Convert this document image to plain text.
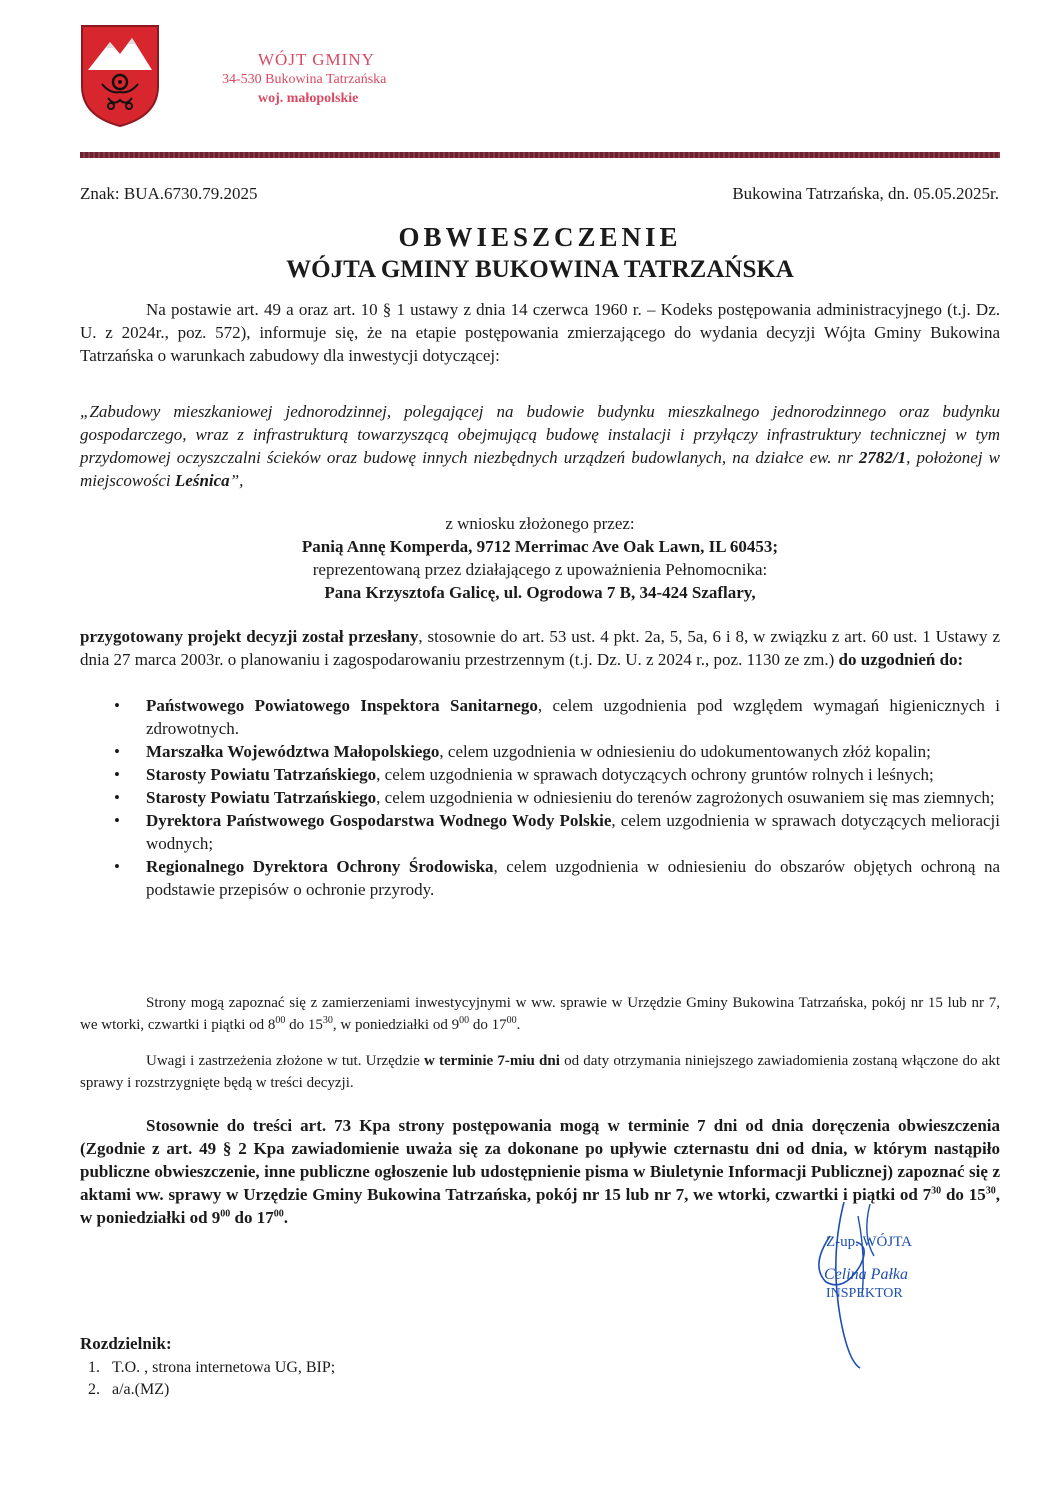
WÓJT GMINY
34-530 Bukowina Tatrzańska
woj. małopolskie
Znak: BUA.6730.79.2025	Bukowina Tatrzańska, dn. 05.05.2025r.
OBWIESZCZENIE
WÓJTA GMINY BUKOWINA TATRZAŃSKA
Na postawie art. 49 a oraz art. 10 § 1 ustawy z dnia 14 czerwca 1960 r. – Kodeks postępowania administracyjnego (t.j. Dz. U. z 2024r., poz. 572), informuje się, że na etapie postępowania zmierzającego do wydania decyzji Wójta Gminy Bukowina Tatrzańska o warunkach zabudowy dla inwestycji dotyczącej:
„Zabudowy mieszkaniowej jednorodzinnej, polegającej na budowie budynku mieszkalnego jednorodzinnego oraz budynku gospodarczego, wraz z infrastrukturą towarzyszącą obejmującą budowę instalacji i przyłączy infrastruktury technicznej w tym przydomowej oczyszczalni ścieków oraz budowę innych niezbędnych urządzeń budowlanych, na działce ew. nr 2782/1, położonej w miejscowości Leśnica”,
z wniosku złożonego przez:
Panią Annę Komperda, 9712 Merrimac Ave Oak Lawn, IL 60453;
reprezentowaną przez działającego z upoważnienia Pełnomocnika:
Pana Krzysztofa Galicę, ul. Ogrodowa 7 B, 34-424 Szaflary,
przygotowany projekt decyzji został przesłany, stosownie do art. 53 ust. 4 pkt. 2a, 5, 5a, 6 i 8, w związku z art. 60 ust. 1 Ustawy z dnia 27 marca 2003r. o planowaniu i zagospodarowaniu przestrzennym (t.j. Dz. U. z 2024 r., poz. 1130 ze zm.) do uzgodnień do:
• Państwowego Powiatowego Inspektora Sanitarnego, celem uzgodnienia pod względem wymagań higienicznych i zdrowotnych.
• Marszałka Województwa Małopolskiego, celem uzgodnienia w odniesieniu do udokumentowanych złóż kopalin;
• Starosty Powiatu Tatrzańskiego, celem uzgodnienia w sprawach dotyczących ochrony gruntów rolnych i leśnych;
• Starosty Powiatu Tatrzańskiego, celem uzgodnienia w odniesieniu do terenów zagrożonych osuwaniem się mas ziemnych;
• Dyrektora Państwowego Gospodarstwa Wodnego Wody Polskie, celem uzgodnienia w sprawach dotyczących melioracji wodnych;
• Regionalnego Dyrektora Ochrony Środowiska, celem uzgodnienia w odniesieniu do obszarów objętych ochroną na podstawie przepisów o ochronie przyrody.
Strony mogą zapoznać się z zamierzeniami inwestycyjnymi w ww. sprawie w Urzędzie Gminy Bukowina Tatrzańska, pokój nr 15 lub nr 7, we wtorki, czwartki i piątki od $8^{00}$ do $15^{30}$, w poniedziałki od $9^{00}$ do $17^{00}$.
Uwagi i zastrzeżenia złożone w tut. Urzędzie w terminie 7-miu dni od daty otrzymania niniejszego zawiadomienia zostaną włączone do akt sprawy i rozstrzygnięte będą w treści decyzji.
Stosownie do treści art. 73 Kpa strony postępowania mogą w terminie 7 dni od dnia doręczenia obwieszczenia (Zgodnie z art. 49 § 2 Kpa zawiadomienie uważa się za dokonane po upływie czternastu dni od dnia, w którym nastąpiło publiczne obwieszczenie, inne publiczne ogłoszenie lub udostępnienie pisma w Biuletynie Informacji Publicznej) zapoznać się z aktami ww. sprawy w Urzędzie Gminy Bukowina Tatrzańska, pokój nr 15 lub nr 7, we wtorki, czwartki i piątki od $7^{30}$ do $15^{30}$, w poniedziałki od $9^{00}$ do $17^{00}$.
Z-up. WÓJTA
Celina Pałka
INSPEKTOR
Rozdzielnik:
1. T.O. , strona internetowa UG, BIP;
2. a/a.(MZ)
